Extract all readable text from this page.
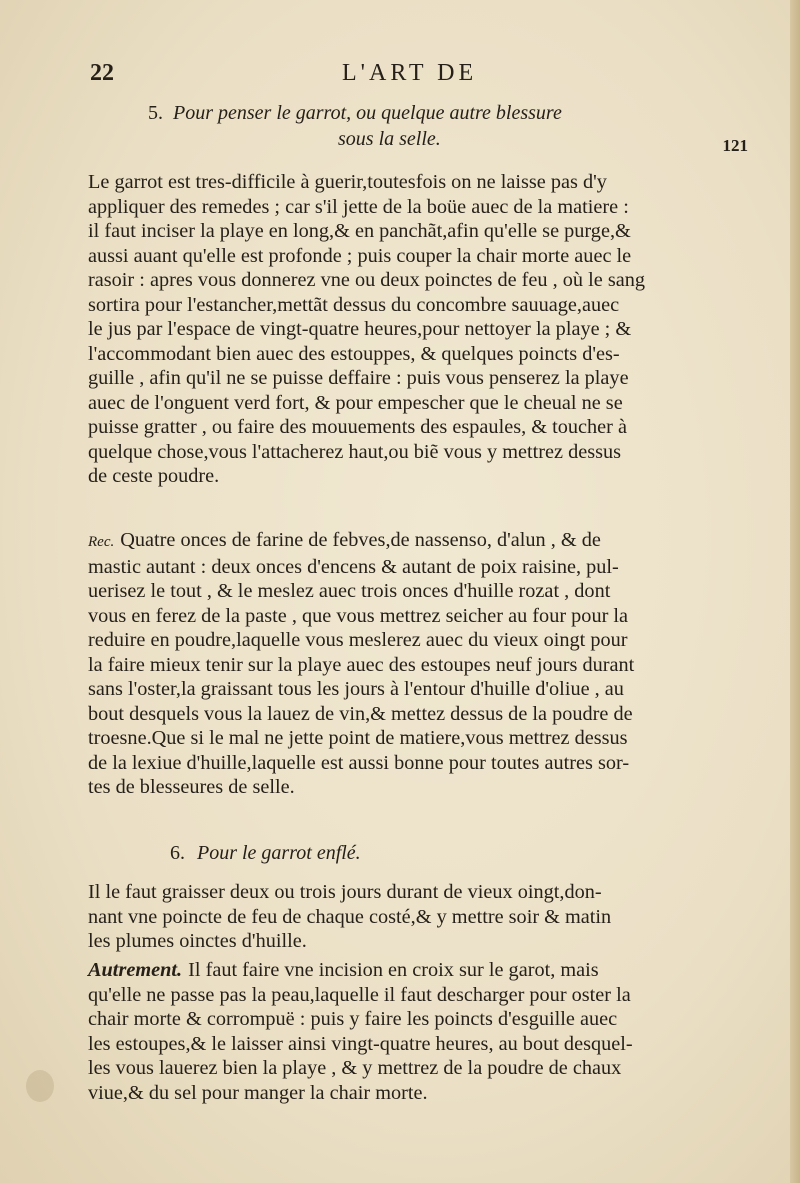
22	L'ART DE
5. Pour penser le garrot, ou quelque autre blessure
sous la selle.	121
Le garrot est tres-difficile à guerir,toutesfois on ne laisse pas d'y
appliquer des remedes ; car s'il jette de la boüe auec de la matiere :
il faut inciser la playe en long,& en panchãt,afin qu'elle se purge,&
aussi auant qu'elle est profonde ; puis couper la chair morte auec le
rasoir : apres vous donnerez vne ou deux poinctes de feu , où le sang
sortira pour l'estancher,mettãt dessus du concombre sauuage,auec
le jus par l'espace de vingt-quatre heures,pour nettoyer la playe ; &
l'accommodant bien auec des estouppes, & quelques poincts d'es-
guille , afin qu'il ne se puisse deffaire : puis vous penserez la playe
auec de l'onguent verd fort, & pour empescher que le cheual ne se
puisse gratter , ou faire des mouuements des espaules, & toucher à
quelque chose,vous l'attacherez haut,ou biẽ vous y mettrez dessus
de ceste poudre.
Rec. Quatre onces de farine de febves,de nassenso, d'alun , & de
mastic autant : deux onces d'encens & autant de poix raisine, pul-
uerisez le tout , & le meslez auec trois onces d'huille rozat , dont
vous en ferez de la paste , que vous mettrez seicher au four pour la
reduire en poudre,laquelle vous meslerez auec du vieux oingt pour
la faire mieux tenir sur la playe auec des estoupes neuf jours durant
sans l'oster,la graissant tous les jours à l'entour d'huille d'oliue , au
bout desquels vous la lauez de vin,& mettez dessus de la poudre de
troesne.Que si le mal ne jette point de matiere,vous mettrez dessus
de la lexiue d'huille,laquelle est aussi bonne pour toutes autres sor-
tes de blesseures de selle.
6. Pour le garrot enflé.
Il le faut graisser deux ou trois jours durant de vieux oingt,don-
nant vne poincte de feu de chaque costé,& y mettre soir & matin
les plumes oinctes d'huille.
Autrement. Il faut faire vne incision en croix sur le garot, mais
qu'elle ne passe pas la peau,laquelle il faut descharger pour oster la
chair morte & corrompuë : puis y faire les poincts d'esguille auec
les estoupes,& le laisser ainsi vingt-quatre heures, au bout desquel-
les vous lauerez bien la playe , & y mettrez de la poudre de chaux
viue,& du sel pour manger la chair morte.
